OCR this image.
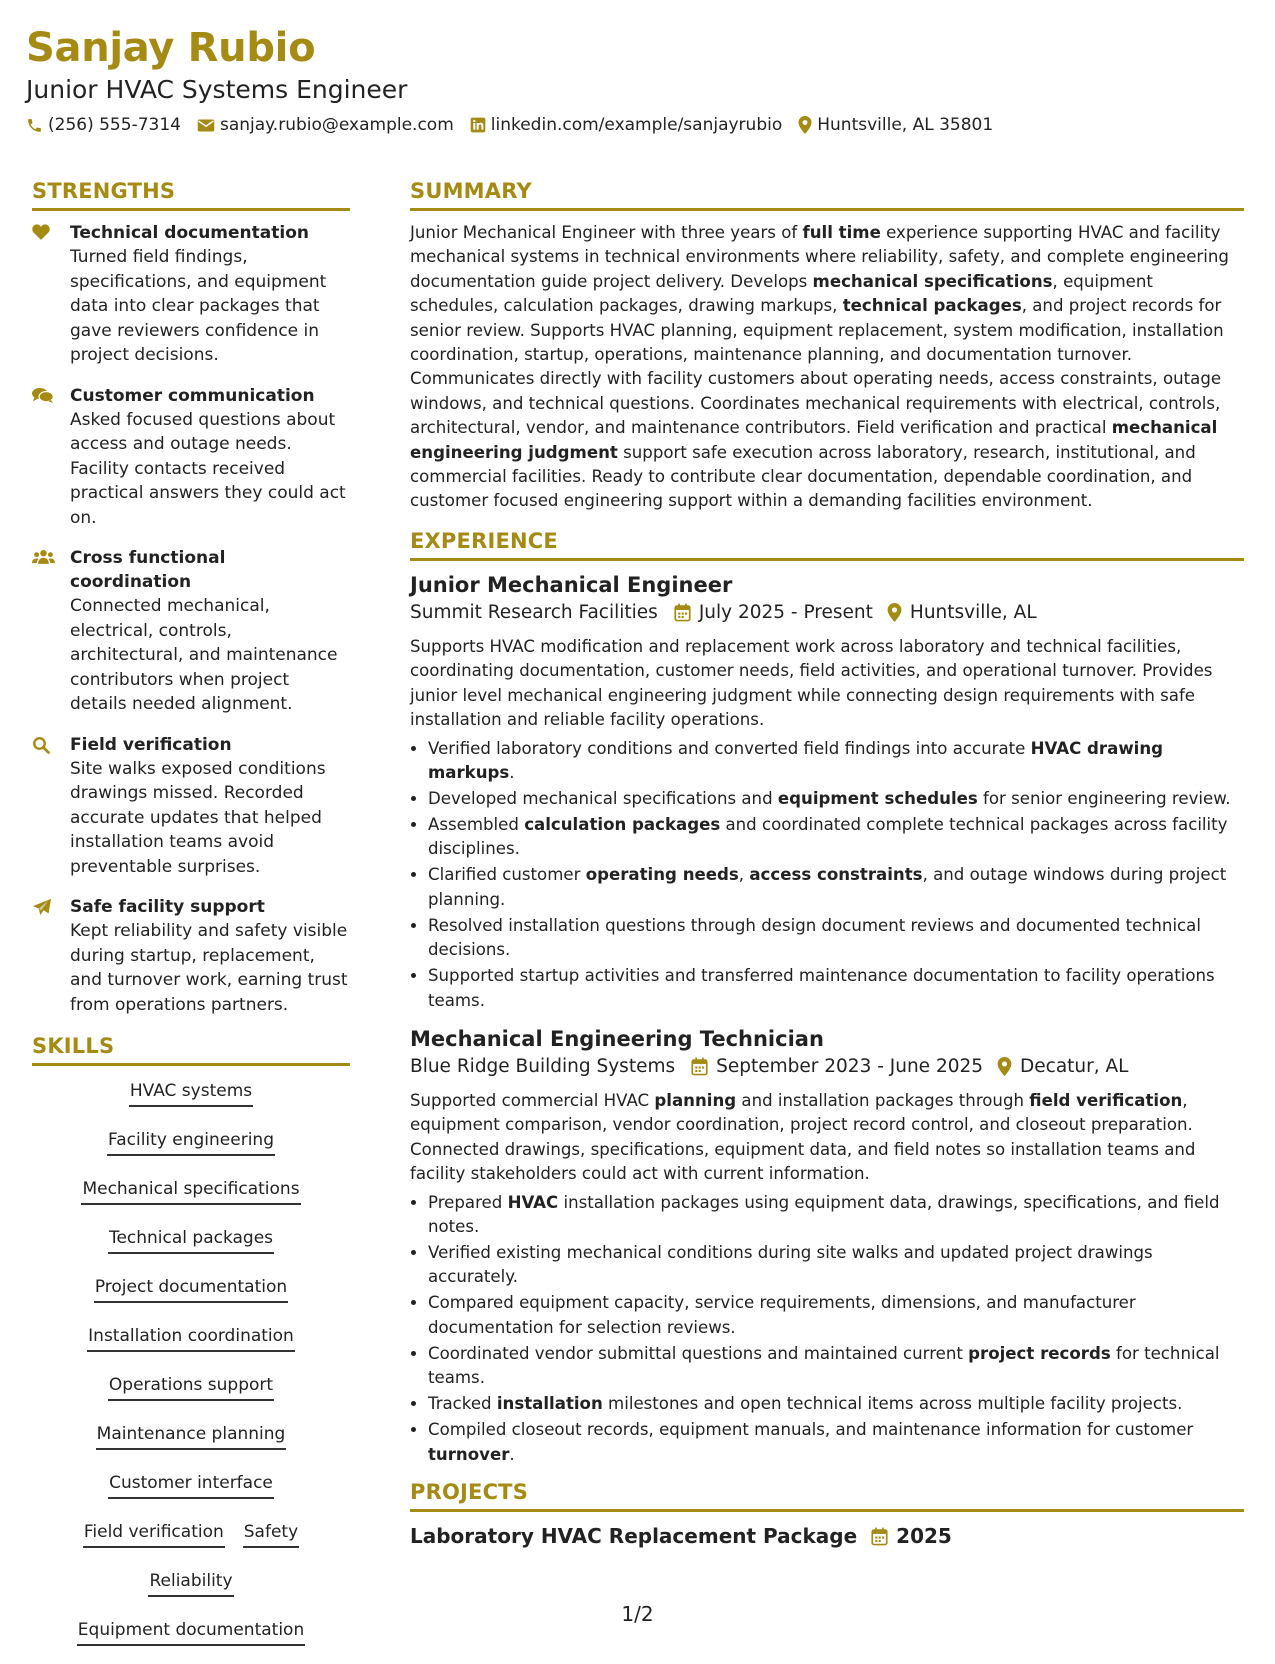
Sanjay Rubio
Junior HVAC Systems Engineer
(256) 555-7314 sanjay.rubio@example.com linkedin.com/example/sanjayrubio Huntsville, AL 35801
STRENGTHS
Technical documentation
Turned field findings, specifications, and equipment data into clear packages that gave reviewers confidence in project decisions.
Customer communication
Asked focused questions about access and outage needs. Facility contacts received practical answers they could act on.
Cross functional coordination
Connected mechanical, electrical, controls, architectural, and maintenance contributors when project details needed alignment.
Field verification
Site walks exposed conditions drawings missed. Recorded accurate updates that helped installation teams avoid preventable surprises.
Safe facility support
Kept reliability and safety visible during startup, replacement, and turnover work, earning trust from operations partners.
SKILLS
HVAC systems
Facility engineering
Mechanical specifications
Technical packages
Project documentation
Installation coordination
Operations support
Maintenance planning
Customer interface
Field verification Safety
Reliability
Equipment documentation
SUMMARY

Junior Mechanical Engineer with three years of full time experience supporting HVAC and facility mechanical systems in technical environments where reliability, safety, and complete engineering documentation guide project delivery. Develops mechanical specifications, equipment schedules, calculation packages, drawing markups, technical packages, and project records for senior review. Supports HVAC planning, equipment replacement, system modification, installation coordination, startup, operations, maintenance planning, and documentation turnover. Communicates directly with facility customers about operating needs, access constraints, outage windows, and technical questions. Coordinates mechanical requirements with electrical, controls, architectural, vendor, and maintenance contributors. Field verification and practical mechanical engineering judgment support safe execution across laboratory, research, institutional, and commercial facilities. Ready to contribute clear documentation, dependable coordination, and customer focused engineering support within a demanding facilities environment.

EXPERIENCE
Junior Mechanical Engineer
Summit Research Facilities July 2025 - Present Huntsville, AL

Supports HVAC modification and replacement work across laboratory and technical facilities, coordinating documentation, customer needs, field activities, and operational turnover. Provides junior level mechanical engineering judgment while connecting design requirements with safe installation and reliable facility operations.

• Verified laboratory conditions and converted field findings into accurate HVAC drawing markups.
• Developed mechanical specifications and equipment schedules for senior engineering review.
• Assembled calculation packages and coordinated complete technical packages across facility disciplines.
• Clarified customer operating needs, access constraints, and outage windows during project planning.
• Resolved installation questions through design document reviews and documented technical decisions.
• Supported startup activities and transferred maintenance documentation to facility operations teams.
Mechanical Engineering Technician
Blue Ridge Building Systems September 2023 - June 2025 Decatur, AL

Supported commercial HVAC planning and installation packages through field verification, equipment comparison, vendor coordination, project record control, and closeout preparation. Connected drawings, specifications, equipment data, and field notes so installation teams and facility stakeholders could act with current information.

• Prepared HVAC installation packages using equipment data, drawings, specifications, and field notes.
• Verified existing mechanical conditions during site walks and updated project drawings accurately.
• Compared equipment capacity, service requirements, dimensions, and manufacturer documentation for selection reviews.
• Coordinated vendor submittal questions and maintained current project records for technical teams.
• Tracked installation milestones and open technical items across multiple facility projects.
• Compiled closeout records, equipment manuals, and maintenance information for customer turnover.
PROJECTS
Laboratory HVAC Replacement Package 2025
1/2
